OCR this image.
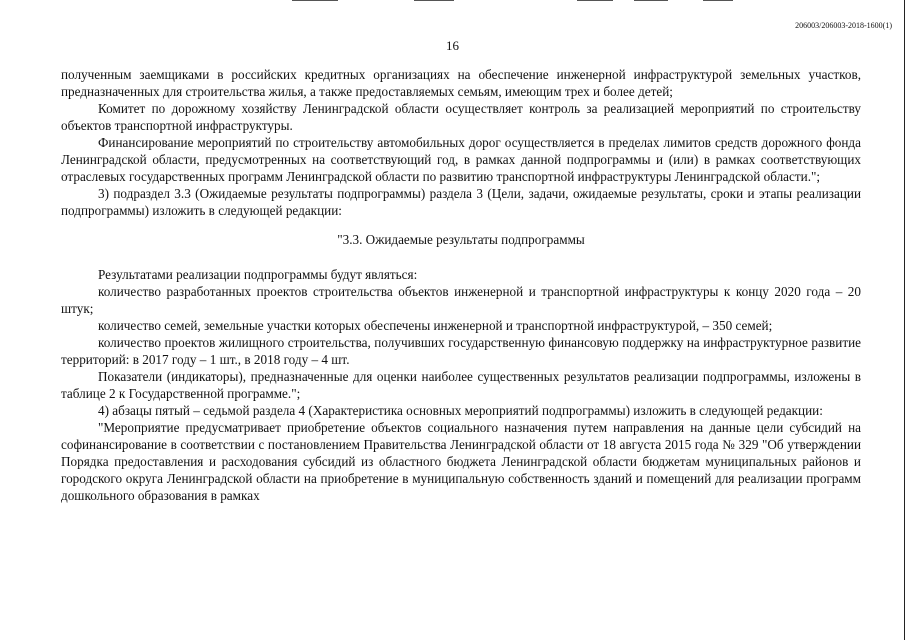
206003/206003-2018-1600(1)
16

полученным заемщиками в российских кредитных организациях на обеспечение инженерной инфраструктурой земельных участков, предназначенных для строительства жилья, а также предоставляемых семьям, имеющим трех и более детей;

Комитет по дорожному хозяйству Ленинградской области осуществляет контроль за реализацией мероприятий по строительству объектов транспортной инфраструктуры.

Финансирование мероприятий по строительству автомобильных дорог осуществляется в пределах лимитов средств дорожного фонда Ленинградской области, предусмотренных на соответствующий год, в рамках данной подпрограммы и (или) в рамках соответствующих отраслевых государственных программ Ленинградской области по развитию транспортной инфраструктуры Ленинградской области.";

3) подраздел 3.3 (Ожидаемые результаты подпрограммы) раздела 3 (Цели, задачи, ожидаемые результаты, сроки и этапы реализации подпрограммы) изложить в следующей редакции:

"3.3. Ожидаемые результаты подпрограммы

Результатами реализации подпрограммы будут являться:

количество разработанных проектов строительства объектов инженерной и транспортной инфраструктуры к концу 2020 года – 20 штук;

количество семей, земельные участки которых обеспечены инженерной и транспортной инфраструктурой, – 350 семей;

количество проектов жилищного строительства, получивших государственную финансовую поддержку на инфраструктурное развитие территорий: в 2017 году – 1 шт., в 2018 году – 4 шт.

Показатели (индикаторы), предназначенные для оценки наиболее существенных результатов реализации подпрограммы, изложены в таблице 2 к Государственной программе.";

4) абзацы пятый – седьмой раздела 4 (Характеристика основных мероприятий подпрограммы) изложить в следующей редакции:

"Мероприятие предусматривает приобретение объектов социального назначения путем направления на данные цели субсидий на софинансирование в соответствии с постановлением Правительства Ленинградской области от 18 августа 2015 года № 329 "Об утверждении Порядка предоставления и расходования субсидий из областного бюджета Ленинградской области бюджетам муниципальных районов и городского округа Ленинградской области на приобретение в муниципальную собственность зданий и помещений для реализации программ дошкольного образования в рамках
